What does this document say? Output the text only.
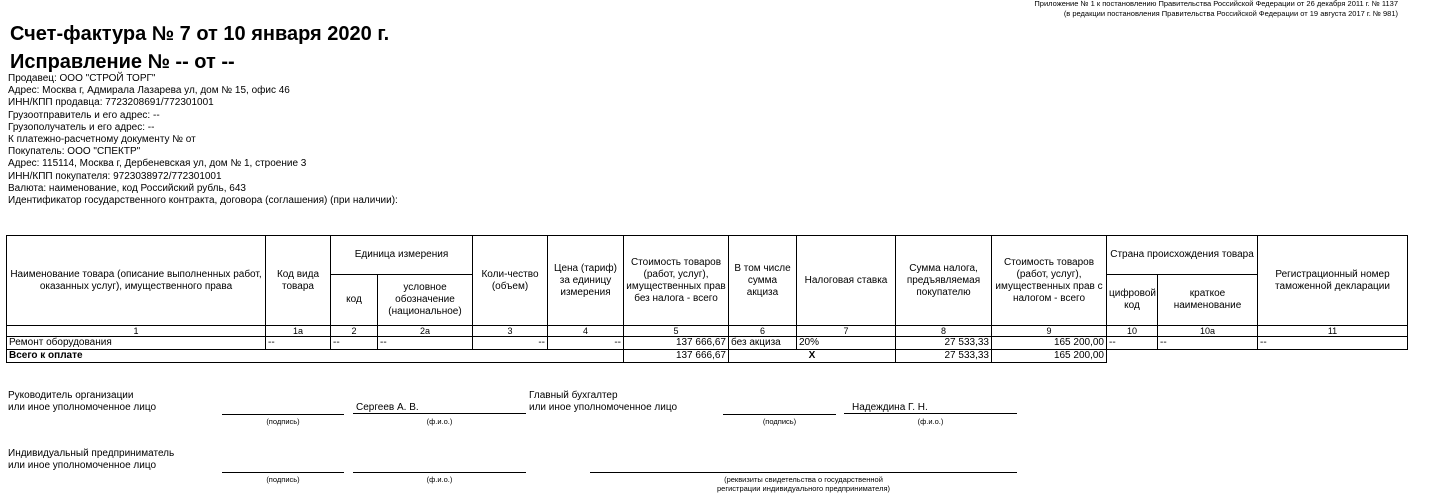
Приложение № 1 к постановлению Правительства Российской Федерации от 26 декабря 2011 г. № 1137
(в редакции постановления Правительства Российской Федерации от 19 августа 2017 г. № 981)
Счет-фактура № 7 от 10 января 2020 г.
Исправление № -- от --
Продавец: ООО "СТРОЙ ТОРГ"
Адрес: Москва г, Адмирала Лазарева ул, дом № 15, офис 46
ИНН/КПП продавца: 7723208691/772301001
Грузоотправитель и его адрес: --
Грузополучатель и его адрес: --
К платежно-расчетному документу № от
Покупатель: ООО "СПЕКТР"
Адрес: 115114, Москва г, Дербеневская ул, дом № 1, строение 3
ИНН/КПП покупателя: 9723038972/772301001
Валюта: наименование, код Российский рубль, 643
Идентификатор государственного контракта, договора (соглашения) (при наличии):
Наименование товара (описание выполненных работ, оказанных услуг), имущественного права	Код вида товара	Единица измерения		Коли-чество (объем)	Цена (тариф) за единицу измерения	Стоимость товаров (работ, услуг), имущественных прав без налога - всего	В том числе сумма акциза	Налоговая ставка	Сумма налога, предъявляемая покупателю	Стоимость товаров (работ, услуг), имущественных прав с налогом - всего	Страна происхождения товара		Регистрационный номер таможенной декларации
		код	условное обозначение (национальное)								цифровой код	краткое наименование	
1	1а	2	2а	3	4	5	6	7	8	9	10	10а	11
Ремонт оборудования	--	--	--	--	--	137 666,67	без акциза	20%	27 533,33	165 200,00	--	--	--
Всего к оплате						137 666,67	X		27 533,33	165 200,00			
Руководитель организации
или иное уполномоченное лицо
(подпись)
Сергеев А. В.
(ф.и.о.)
Главный бухгалтер
или иное уполномоченное лицо
(подпись)
Надеждина Г. Н.
(ф.и.о.)
Индивидуальный предприниматель
или иное уполномоченное лицо
(подпись)	(ф.и.о.)	(реквизиты свидетельства о государственной
регистрации индивидуального предпринимателя)
